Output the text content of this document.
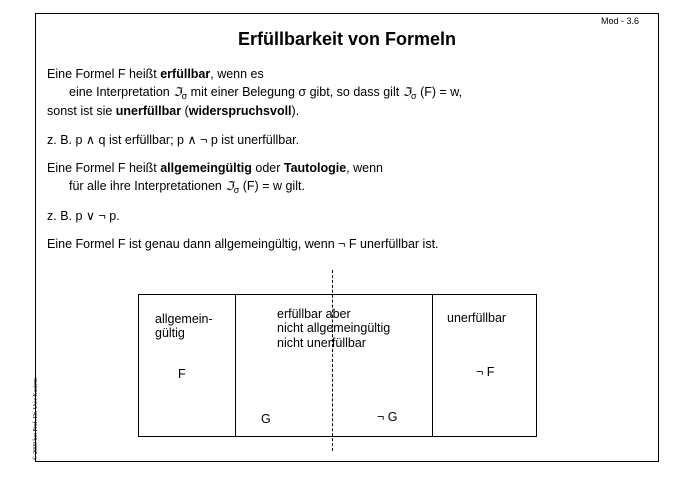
Mod - 3.6
Erfüllbarkeit von Formeln
Eine Formel F heißt erfüllbar, wenn es
eine Interpretation ℑ$_\sigma$ mit einer Belegung σ gibt, so dass gilt ℑ$_\sigma$ (F) = w,
sonst ist sie unerfüllbar (widerspruchsvoll).
z. B. p ∧ q ist erfüllbar; p ∧ ¬ p ist unerfüllbar.
Eine Formel F heißt allgemeingültig oder Tautologie, wenn
für alle ihre Interpretationen ℑ$_\sigma$ (F) = w gilt.
z. B. p ∨ ¬ p.
Eine Formel F ist genau dann allgemeingültig, wenn ¬ F unerfüllbar ist.
© 2000 bei Prof. Dr. Uwe Kastens
allgemein-
gültig
F
erfüllbar aber
nicht allgemeingültig
nicht unerfüllbar
G	¬ G
unerfüllbar
¬ F
